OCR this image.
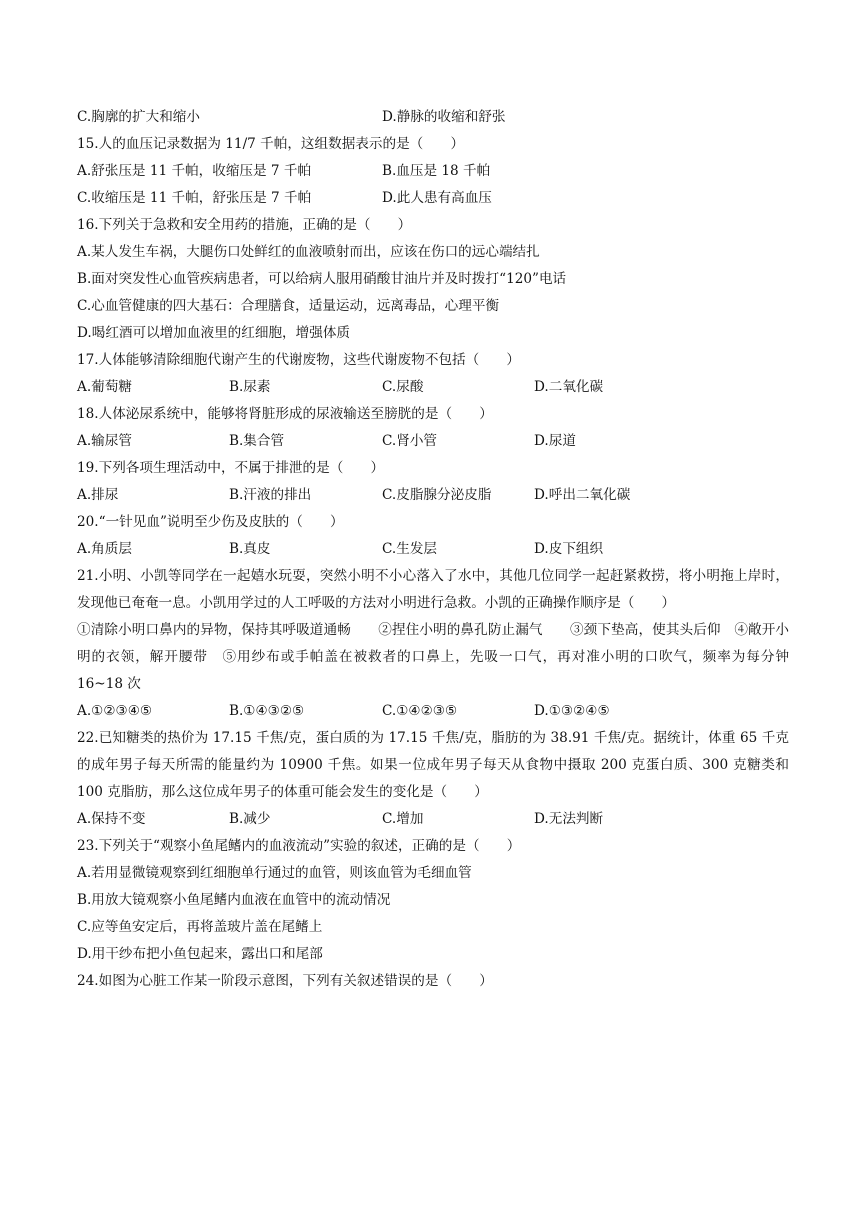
C.胸廓的扩大和缩小	D.静脉的收缩和舒张
15.人的血压记录数据为 11/7 千帕，这组数据表示的是（　　）
A.舒张压是 11 千帕，收缩压是 7 千帕	B.血压是 18 千帕
C.收缩压是 11 千帕，舒张压是 7 千帕	D.此人患有高血压
16.下列关于急救和安全用药的措施，正确的是（　　）
A.某人发生车祸，大腿伤口处鲜红的血液喷射而出，应该在伤口的远心端结扎
B.面对突发性心血管疾病患者，可以给病人服用硝酸甘油片并及时拨打“120”电话
C.心血管健康的四大基石：合理膳食，适量运动，远离毒品，心理平衡
D.喝红酒可以增加血液里的红细胞，增强体质
17.人体能够清除细胞代谢产生的代谢废物，这些代谢废物不包括（　　）
A.葡萄糖	B.尿素	C.尿酸	D.二氧化碳
18.人体泌尿系统中，能够将肾脏形成的尿液输送至膀胱的是（　　）
A.输尿管	B.集合管	C.肾小管	D.尿道
19.下列各项生理活动中，不属于排泄的是（　　）
A.排尿	B.汗液的排出	C.皮脂腺分泌皮脂	D.呼出二氧化碳
20.“一针见血”说明至少伤及皮肤的（　　）
A.角质层	B.真皮	C.生发层	D.皮下组织
21.小明、小凯等同学在一起嬉水玩耍，突然小明不小心落入了水中，其他几位同学一起赶紧救捞，将小明拖上岸时，发现他已奄奄一息。小凯用学过的人工呼吸的方法对小明进行急救。小凯的正确操作顺序是（　　）
①清除小明口鼻内的异物，保持其呼吸道通畅　　②捏住小明的鼻孔防止漏气　　③颈下垫高，使其头后仰　④敞开小明的衣领，解开腰带　⑤用纱布或手帕盖在被救者的口鼻上，先吸一口气，再对准小明的口吹气，频率为每分钟 16~18 次
A.①②③④⑤	B.①④③②⑤	C.①④②③⑤	D.①③②④⑤
22.已知糖类的热价为 17.15 千焦/克，蛋白质的为 17.15 千焦/克，脂肪的为 38.91 千焦/克。据统计，体重 65 千克的成年男子每天所需的能量约为 10900 千焦。如果一位成年男子每天从食物中摄取 200 克蛋白质、300 克糖类和 100 克脂肪，那么这位成年男子的体重可能会发生的变化是（　　）
A.保持不变	B.减少	C.增加	D.无法判断
23.下列关于“观察小鱼尾鳍内的血液流动”实验的叙述，正确的是（　　）
A.若用显微镜观察到红细胞单行通过的血管，则该血管为毛细血管
B.用放大镜观察小鱼尾鳍内血液在血管中的流动情况
C.应等鱼安定后，再将盖玻片盖在尾鳍上
D.用干纱布把小鱼包起来，露出口和尾部
24.如图为心脏工作某一阶段示意图，下列有关叙述错误的是（　　）
